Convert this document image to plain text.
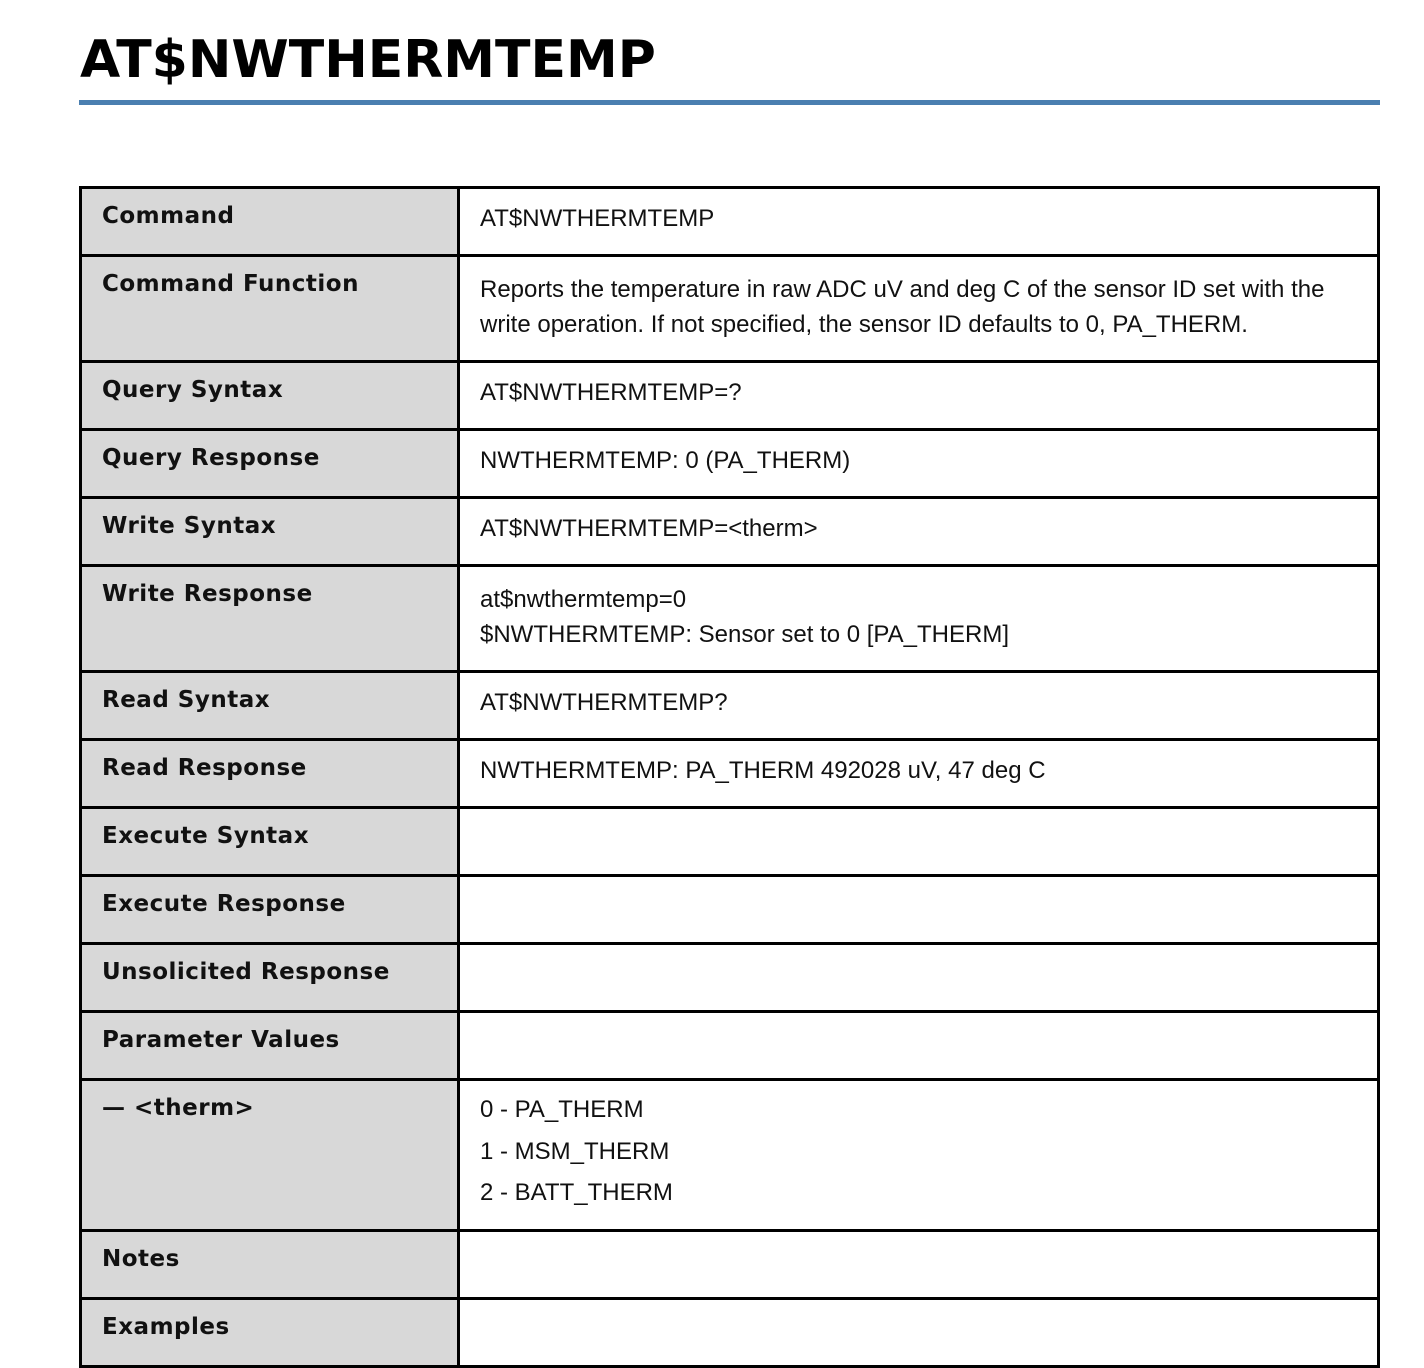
AT$NWTHERMTEMP
Command	AT$NWTHERMTEMP

Command Function	Reports the temperature in raw ADC uV and deg C of the sensor ID set with the
write operation. If not specified, the sensor ID defaults to 0, PA_THERM.

Query Syntax	AT$NWTHERMTEMP=?

Query Response	NWTHERMTEMP: 0 (PA_THERM)

Write Syntax	AT$NWTHERMTEMP=<therm>

Write Response	at$nwthermtemp=0
$NWTHERMTEMP: Sensor set to 0 [PA_THERM]

Read Syntax	AT$NWTHERMTEMP?

Read Response	NWTHERMTEMP: PA_THERM 492028 uV, 47 deg C

Execute Syntax	
Execute Response	
Unsolicited Response	
Parameter Values	
— <therm>	0 - PA_THERM
1 - MSM_THERM
2 - BATT_THERM

Notes	
Examples	
